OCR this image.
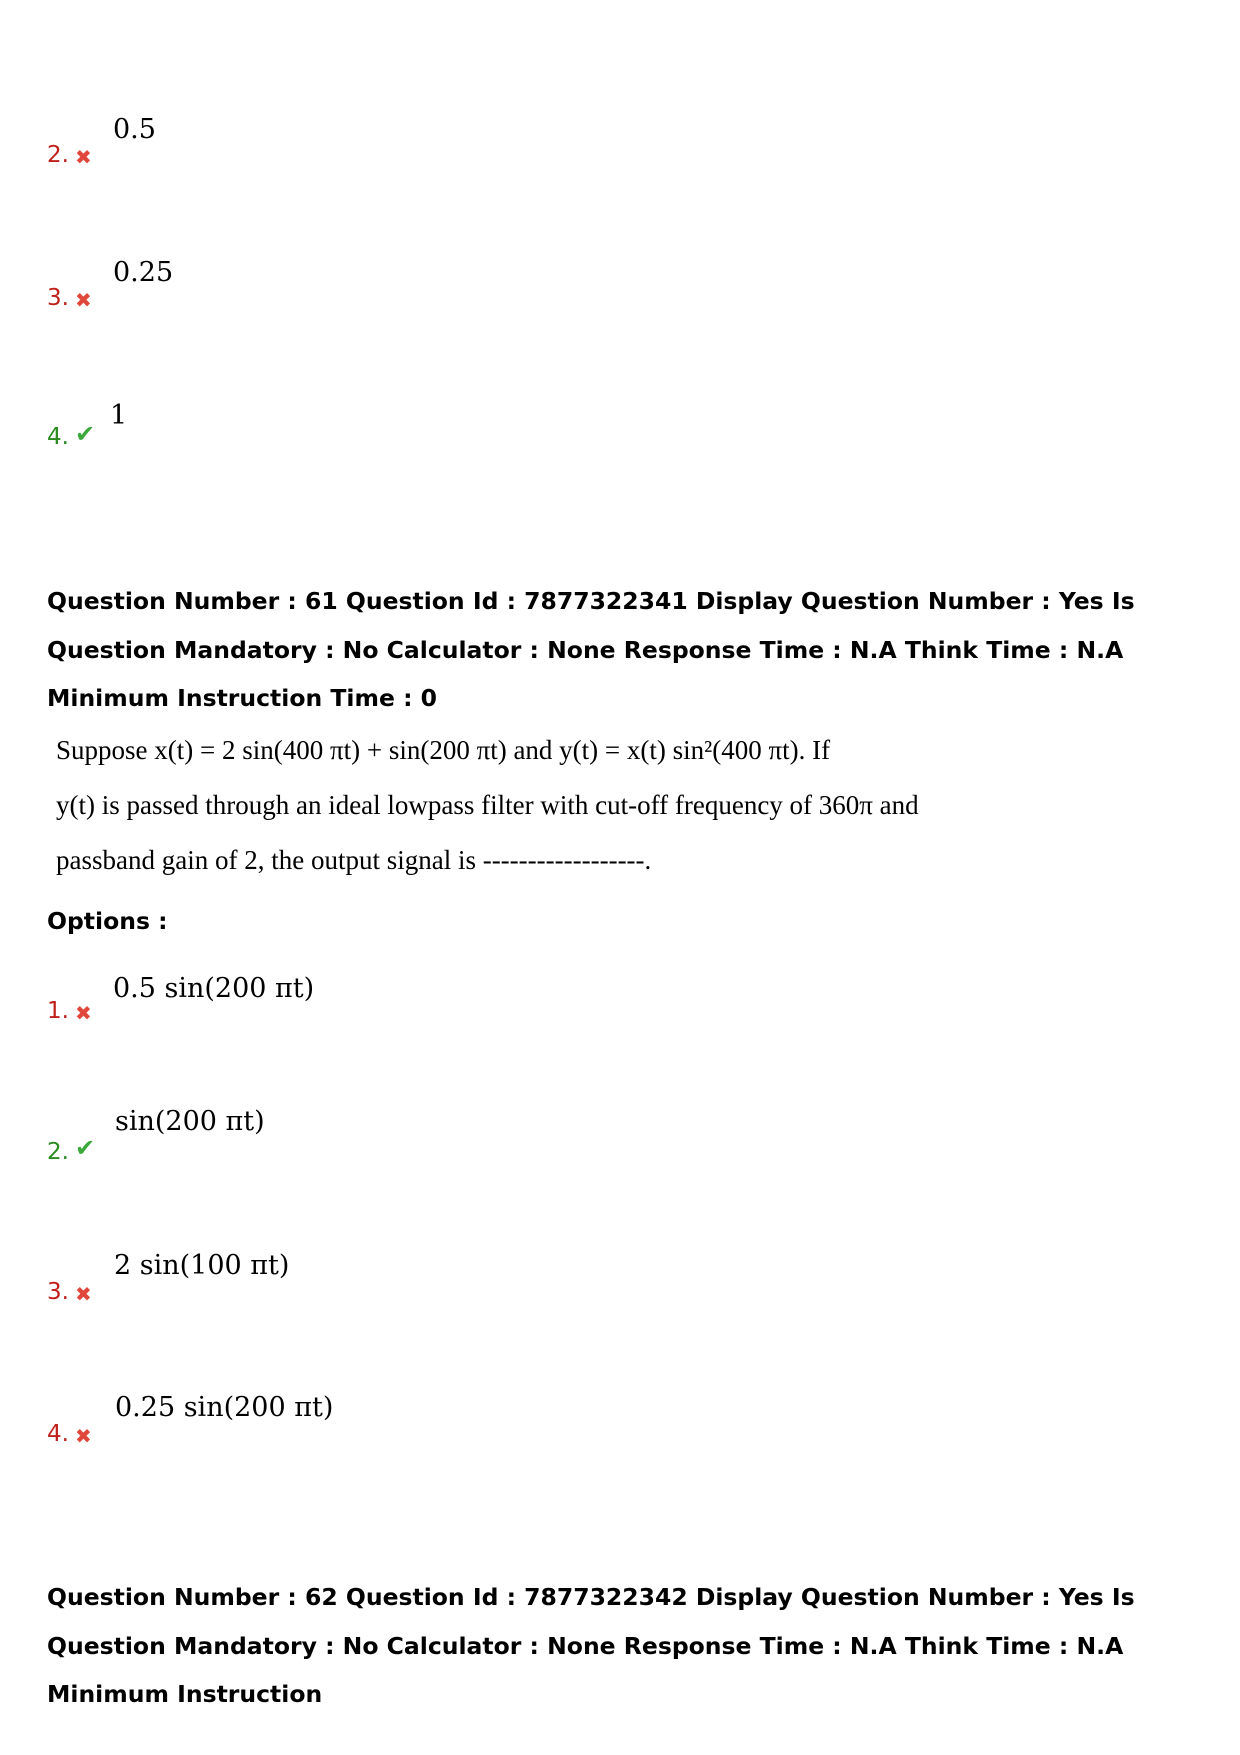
2. ✖
0.5
3. ✖
0.25
4. ✔
1
Question Number : 61 Question Id : 7877322341 Display Question Number : Yes Is Question Mandatory : No Calculator : None Response Time : N.A Think Time : N.A Minimum Instruction Time : 0
Suppose x(t) = 2 sin(400 πt) + sin(200 πt) and y(t) = x(t) sin²(400 πt). If
y(t) is passed through an ideal lowpass filter with cut-off frequency of 360π and
passband gain of 2, the output signal is ------------------.
Options :
1. ✖
0.5 sin(200 πt)
2. ✔
sin(200 πt)
3. ✖
2 sin(100 πt)
4. ✖
0.25 sin(200 πt)
Question Number : 62 Question Id : 7877322342 Display Question Number : Yes Is Question Mandatory : No Calculator : None Response Time : N.A Think Time : N.A Minimum Instruction
